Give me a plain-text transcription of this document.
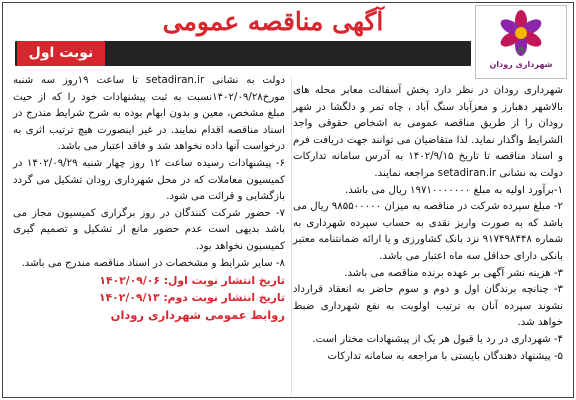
آگهی مناقصه عمومی
نوبت اول
شهرداری رودان

شهرداری رودان در نظر دارد پخش آسفالت معابر محله های بالاشهر دهبارز و معزآباد سنگ آباد ، چاه تمر و دلگشا در شهر رودان را از طریق مناقصه عمومی به اشخاص حقوقی واجد الشرایط واگذار نماید. لذا متقاضیان می توانند جهت دریافت فرم و اسناد مناقصه تا تاریخ ۱۴۰۲/۹/۱۵ به آدرس سامانه تدارکات دولت به نشانی setadiran.ir مراجعه نمایند.

۱-برآورد اولیه به مبلغ ۱۹۷۱۰۰۰۰۰۰۰ ریال می باشد.

۲- مبلغ سپرده شرکت در مناقصه به میزان ۹۸۵۵۰۰۰۰۰ ریال می باشد که به صورت واریز نقدی به حساب سپرده شهرداری به شماره ۹۱۷۴۹۸۴۴۸ نزد بانک کشاورزی و یا ارائه ضمانتنامه معتبر بانکی دارای حداقل سه ماه اعتبار می باشد.

۳- هزینه نشر آگهی بر عهده برنده مناقصه می باشد.

۳- چنانچه برندگان اول و دوم و سوم حاضر به انعقاد قرارداد نشوند سپرده آنان به ترتیب اولویت به نفع شهرداری ضبط خواهد شد.

۴- شهرداری در رد یا قبول هر یک از پیشنهادات مختار است.

۵- پیشنهاد دهندگان بایستی با مراجعه به سامانه تدارکات

دولت به نشانی setadiran.ir تا ساعت ۱۹روز سه شنبه مورخ۱۴۰۲/۰۹/۲۸نسبت به ثبت پیشنهادات خود را که از حیث مبلغ مشخص، معین و بدون ابهام بوده به شرح شرایط مندرج در اسناد مناقصه اقدام نمایند. در غیر اینصورت هیچ ترتیب اثری به درخواست آنها داده نخواهد شد و فاقد اعتبار می باشد.

۶- پیشنهادات رسیده ساعت ۱۲ روز چهار شنبه ۱۴۰۲/۰۹/۲۹ در کمیسیون معاملات که در محل شهرداری رودان تشکیل می گردد بازگشایی و قرائت می شود.

۷- حضور شرکت کنندگان در روز برگزاری کمیسیون مجاز می باشد بدیهی است عدم حضور مانع از تشکیل و تصمیم گیری کمیسیون نخواهد بود.

۸- سایر شرایط و مشخصات در اسناد مناقصه مندرج می باشد.

تاریخ انتشار نوبت اول: ۱۴۰۲/۰۹/۰۶

تاریخ انتشار نوبت دوم: ۱۴۰۲/۰۹/۱۳

روابط عمومی شهرداری رودان
